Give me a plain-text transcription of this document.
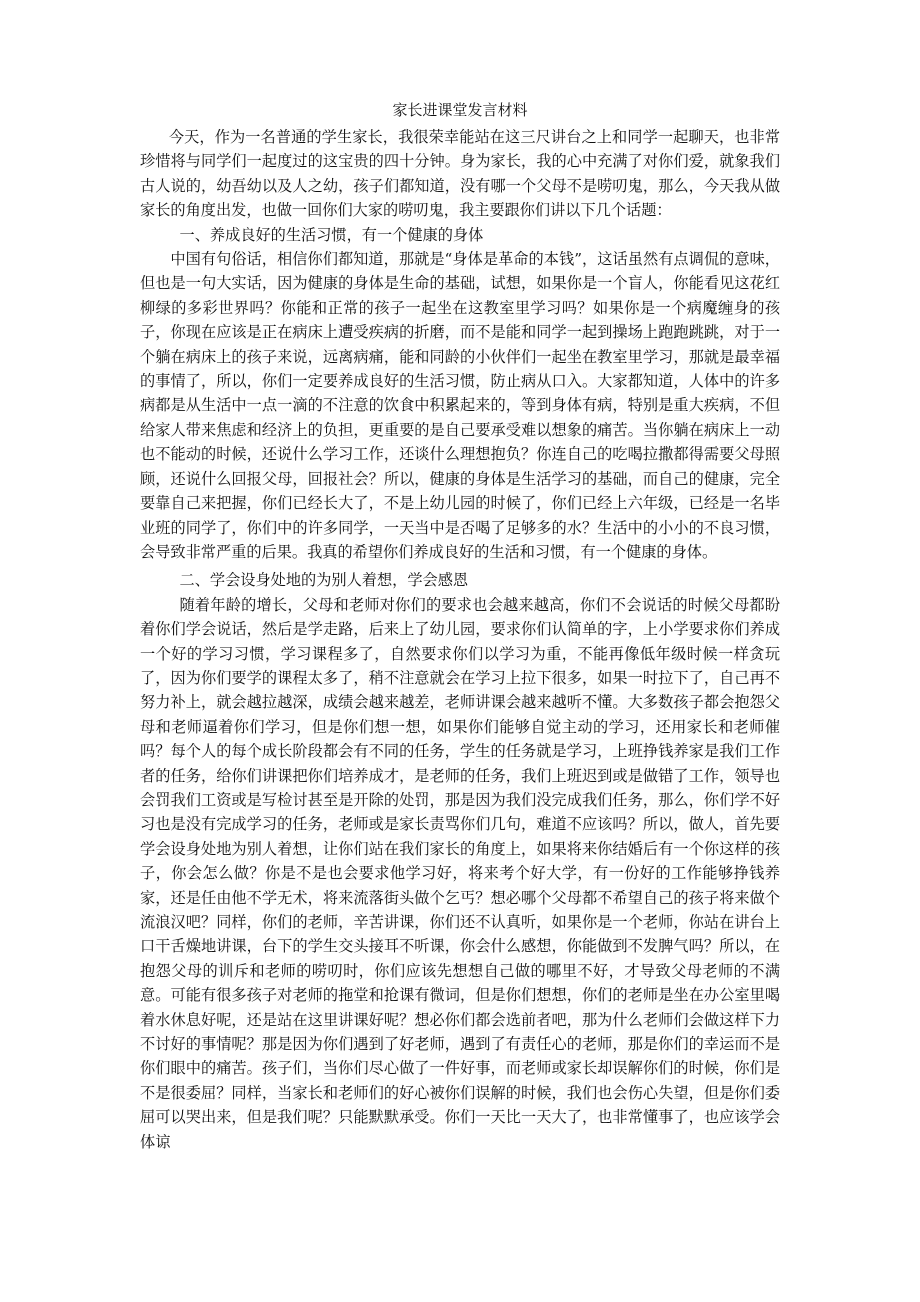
家长进课堂发言材料

今天，作为一名普通的学生家长，我很荣幸能站在这三尺讲台之上和同学一起聊天，也非常珍惜将与同学们一起度过的这宝贵的四十分钟。身为家长，我的心中充满了对你们爱，就象我们古人说的，幼吾幼以及人之幼，孩子们都知道，没有哪一个父母不是唠叨鬼，那么，今天我从做家长的角度出发，也做一回你们大家的唠叨鬼，我主要跟你们讲以下几个话题：

一、养成良好的生活习惯，有一个健康的身体

中国有句俗话，相信你们都知道，那就是“身体是革命的本钱”，这话虽然有点调侃的意味，但也是一句大实话，因为健康的身体是生命的基础，试想，如果你是一个盲人，你能看见这花红柳绿的多彩世界吗？你能和正常的孩子一起坐在这教室里学习吗？如果你是一个病魔缠身的孩子，你现在应该是正在病床上遭受疾病的折磨，而不是能和同学一起到操场上跑跑跳跳，对于一个躺在病床上的孩子来说，远离病痛，能和同龄的小伙伴们一起坐在教室里学习，那就是最幸福的事情了，所以，你们一定要养成良好的生活习惯，防止病从口入。大家都知道，人体中的许多病都是从生活中一点一滴的不注意的饮食中积累起来的，等到身体有病，特别是重大疾病，不但给家人带来焦虑和经济上的负担，更重要的是自己要承受难以想象的痛苦。当你躺在病床上一动也不能动的时候，还说什么学习工作，还谈什么理想抱负？你连自己的吃喝拉撒都得需要父母照顾，还说什么回报父母，回报社会？所以，健康的身体是生活学习的基础，而自己的健康，完全要靠自己来把握，你们已经长大了，不是上幼儿园的时候了，你们已经上六年级，已经是一名毕业班的同学了，你们中的许多同学，一天当中是否喝了足够多的水？生活中的小小的不良习惯，会导致非常严重的后果。我真的希望你们养成良好的生活和习惯，有一个健康的身体。

二、学会设身处地的为别人着想，学会感恩

随着年龄的增长，父母和老师对你们的要求也会越来越高，你们不会说话的时候父母都盼着你们学会说话，然后是学走路，后来上了幼儿园，要求你们认简单的字，上小学要求你们养成一个好的学习习惯，学习课程多了，自然要求你们以学习为重，不能再像低年级时候一样贪玩了，因为你们要学的课程太多了，稍不注意就会在学习上拉下很多，如果一时拉下了，自己再不努力补上，就会越拉越深，成绩会越来越差，老师讲课会越来越听不懂。大多数孩子都会抱怨父母和老师逼着你们学习，但是你们想一想，如果你们能够自觉主动的学习，还用家长和老师催吗？每个人的每个成长阶段都会有不同的任务，学生的任务就是学习，上班挣钱养家是我们工作者的任务，给你们讲课把你们培养成才，是老师的任务，我们上班迟到或是做错了工作，领导也会罚我们工资或是写检讨甚至是开除的处罚，那是因为我们没完成我们任务，那么，你们学不好习也是没有完成学习的任务，老师或是家长责骂你们几句，难道不应该吗？所以，做人，首先要学会设身处地为别人着想，让你们站在我们家长的角度上，如果将来你结婚后有一个你这样的孩子，你会怎么做？你是不是也会要求他学习好，将来考个好大学，有一份好的工作能够挣钱养家，还是任由他不学无术，将来流落街头做个乞丐？想必哪个父母都不希望自己的孩子将来做个流浪汉吧？同样，你们的老师，辛苦讲课，你们还不认真听，如果你是一个老师，你站在讲台上口干舌燥地讲课，台下的学生交头接耳不听课，你会什么感想，你能做到不发脾气吗？所以，在抱怨父母的训斥和老师的唠叨时，你们应该先想想自己做的哪里不好，才导致父母老师的不满意。可能有很多孩子对老师的拖堂和抢课有微词，但是你们想想，你们的老师是坐在办公室里喝着水休息好呢，还是站在这里讲课好呢？想必你们都会选前者吧，那为什么老师们会做这样下力不讨好的事情呢？那是因为你们遇到了好老师，遇到了有责任心的老师，那是你们的幸运而不是你们眼中的痛苦。孩子们，当你们尽心做了一件好事，而老师或家长却误解你们的时候，你们是不是很委屈？同样，当家长和老师们的好心被你们误解的时候，我们也会伤心失望，但是你们委屈可以哭出来，但是我们呢？只能默默承受。你们一天比一天大了，也非常懂事了，也应该学会体谅
